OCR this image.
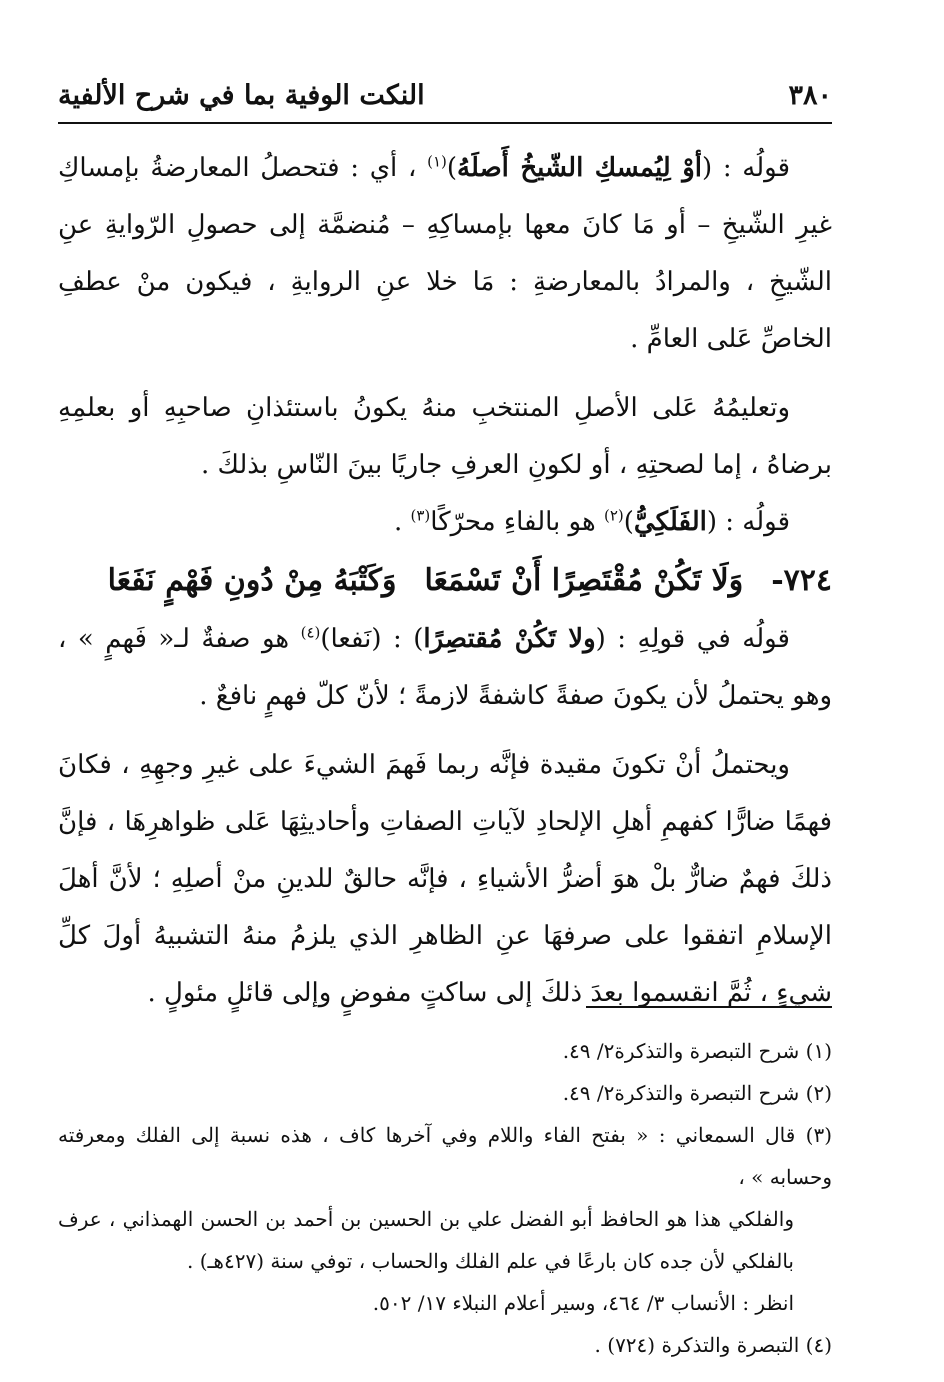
٣٨٠
النكت الوفية بما في شرح الألفية

قولُه : (أوْ لِيُمسكِ الشّيخُ أَصلَهُ)$^{(١)}$ ، أي : فتحصلُ المعارضةُ بإمساكِ غيرِ الشّيخِ – أو مَا كانَ معها بإمساكِهِ – مُنضمَّة إلى حصولِ الرّوايةِ عنِ الشّيخِ ، والمرادُ بالمعارضةِ : مَا خلا عنِ الروايةِ ، فيكون منْ عطفِ الخاصِّ عَلى العامِّ .

وتعليمُهُ عَلى الأصلِ المنتخبِ منهُ يكونُ باستئذانِ صاحبِهِ أو بعلمِهِ برضاهُ ، إما لصحتِهِ ، أو لكونِ العرفِ جاريًا بينَ النّاسِ بذلكَ .

قولُه : (الفَلَكِيُّ)$^{(٢)}$ هو بالفاءِ محرّكًا$^{(٣)}$ .

٧٢٤-
وَلَا تَكُنْ مُقْتَصِرًا أَنْ تَسْمَعَا
وَكَتْبَهُ مِنْ دُونِ فَهْمٍ نَفَعَا

قولُه في قولِهِ : (ولا تَكُنْ مُقتصِرًا) : (نَفعا)$^{(٤)}$ هو صفةٌ لـ« فَهمٍ » ، وهو يحتملُ لأن يكونَ صفةً كاشفةً لازمةً ؛ لأنّ كلّ فهمٍ نافعٌ .

ويحتملُ أنْ تكونَ مقيدة فإنَّه ربما فَهمَ الشيءَ على غيرِ وجهِهِ ، فكانَ فهمًا ضارًّا كفهمِ أهلِ الإلحادِ لآياتِ الصفاتِ وأحاديثِهَا عَلى ظواهرِهَا ، فإنَّ ذلكَ فهمٌ ضارٌّ بلْ هوَ أضرُّ الأشياءِ ، فإنَّه حالقٌ للدينِ منْ أصلِهِ ؛ لأنَّ أهلَ الإسلامِ اتفقوا على صرفهَا عنِ الظاهرِ الذي يلزمُ منهُ التشبيهُ أولَ كلِّ شيءٍ ، ثُمَّ انقسموا بعدَ ذلكَ إلى ساكتٍ مفوضٍ وإلى قائلٍ مئولٍ .

(١) شرح التبصرة والتذكرة٢/ ٤٩.

(٢) شرح التبصرة والتذكرة٢/ ٤٩.

(٣) قال السمعاني : « بفتح الفاء واللام وفي آخرها كاف ، هذه نسبة إلى الفلك ومعرفته وحسابه » ،

والفلكي هذا هو الحافظ أبو الفضل علي بن الحسين بن أحمد بن الحسن الهمذاني ، عرف بالفلكي لأن جده كان بارعًا في علم الفلك والحساب ، توفي سنة (٤٢٧هـ) .

انظر : الأنساب ٣/ ٤٦٤، وسير أعلام النبلاء ١٧/ ٥٠٢.

(٤) التبصرة والتذكرة (٧٢٤) .
